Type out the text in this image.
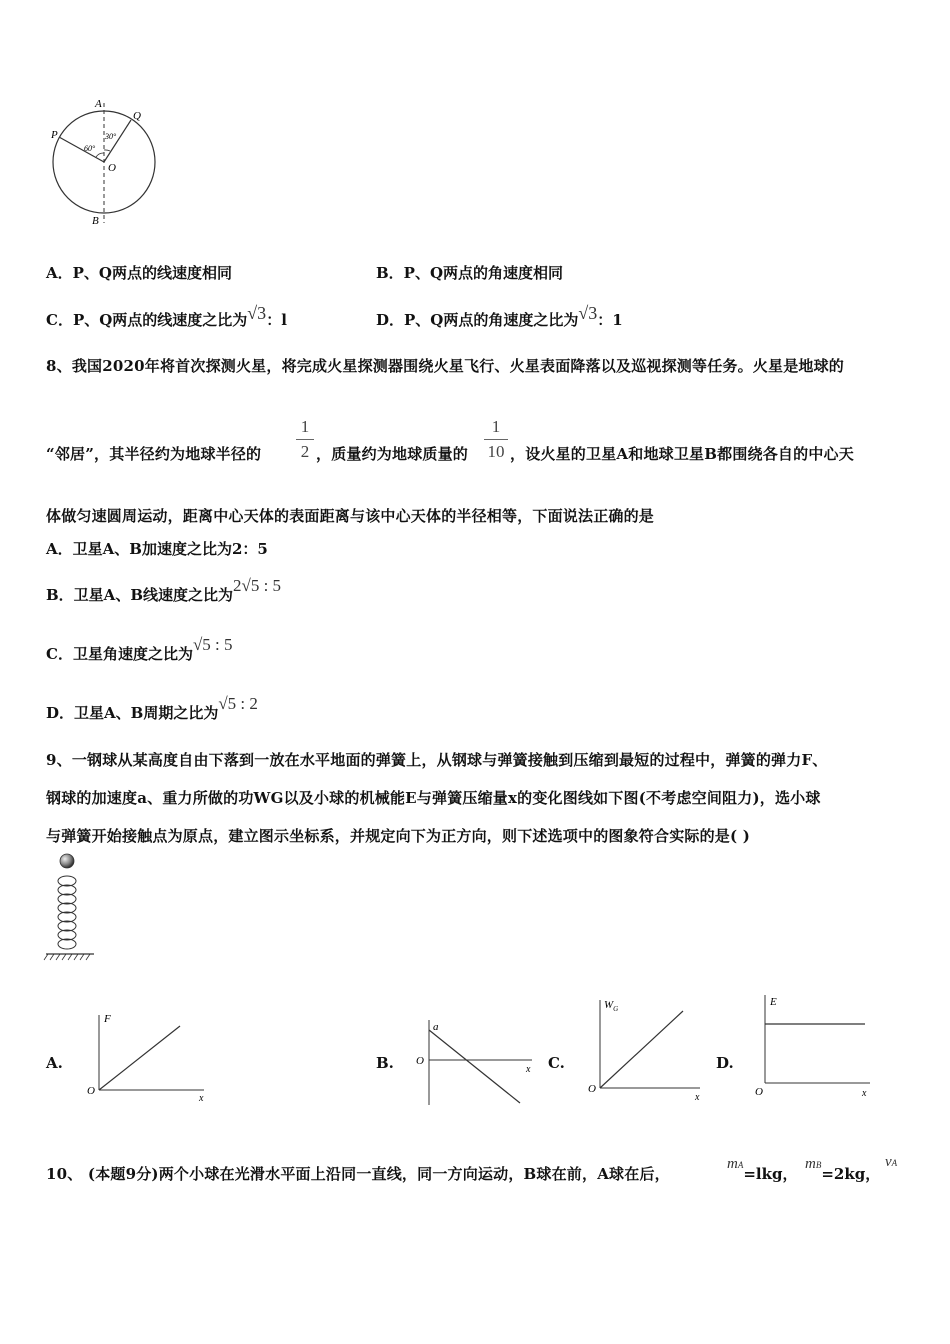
A
Q
P
60°
30°
O
B
A．P、Q两点的线速度相同	B．P、Q两点的角速度相同
C．P、Q两点的线速度之比为√3：l	D．P、Q两点的角速度之比为√3：1
8、我国2020年将首次探测火星，将完成火星探测器围绕火星飞行、火星表面降落以及巡视探测等任务。火星是地球的
“邻居”，其半径约为地球半径的
1
2 ，质量约为地球质量的
1
10 ，设火星的卫星A和地球卫星B都围绕各自的中心天
体做匀速圆周运动，距离中心天体的表面距离与该中心天体的半径相等，下面说法正确的是
A．卫星A、B加速度之比为2：5
B．卫星A、B线速度之比为2√5 : 5
C．卫星角速度之比为√5 : 5
D．卫星A、B周期之比为√5 : 2
9、一钢球从某高度自由下落到一放在水平地面的弹簧上，从钢球与弹簧接触到压缩到最短的过程中，弹簧的弹力F、
钢球的加速度a、重力所做的功WG以及小球的机械能E与弹簧压缩量x的变化图线如下图(不考虑空间阻力)，选小球
与弹簧开始接触点为原点，建立图示坐标系，并规定向下为正方向，则下述选项中的图象符合实际的是( )
A.
F
O
x
B.
a
O
x C.
$W_G$
O
x
D.
E
O	x
10、 (本题9分)两个小球在光滑水平面上沿同一直线，同一方向运动，B球在前，A球在后，
mA=lkg，
mB=2kg，
vA
